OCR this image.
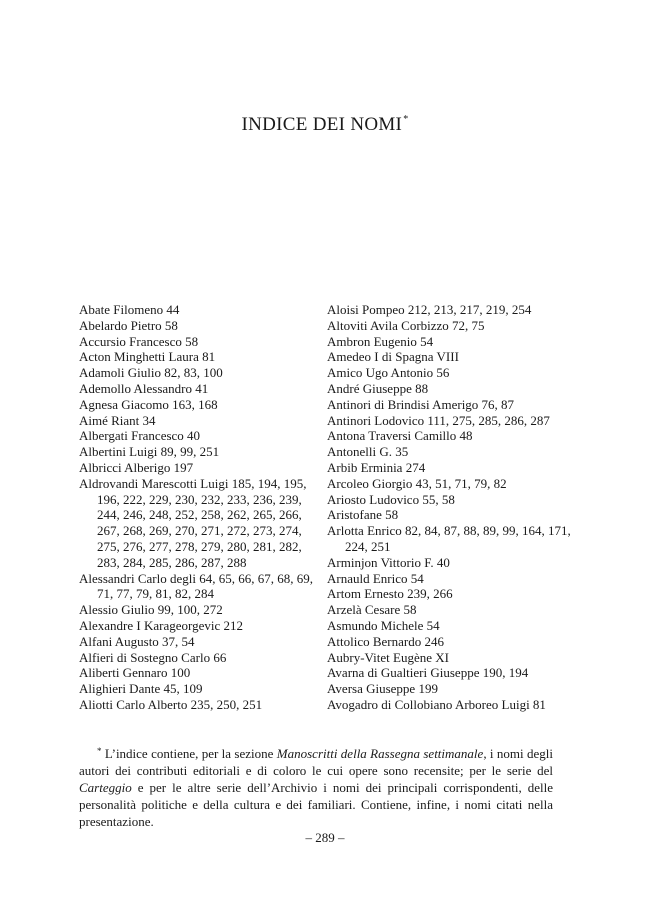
INDICE DEI NOMI*
Abate Filomeno 44
Abelardo Pietro 58
Accursio Francesco 58
Acton Minghetti Laura 81
Adamoli Giulio 82, 83, 100
Ademollo Alessandro 41
Agnesa Giacomo 163, 168
Aimé Riant 34
Albergati Francesco 40
Albertini Luigi 89, 99, 251
Albricci Alberigo 197
Aldrovandi Marescotti Luigi 185, 194, 195, 196, 222, 229, 230, 232, 233, 236, 239, 244, 246, 248, 252, 258, 262, 265, 266, 267, 268, 269, 270, 271, 272, 273, 274, 275, 276, 277, 278, 279, 280, 281, 282, 283, 284, 285, 286, 287, 288
Alessandri Carlo degli 64, 65, 66, 67, 68, 69, 71, 77, 79, 81, 82, 284
Alessio Giulio 99, 100, 272
Alexandre I Karageorgevic 212
Alfani Augusto 37, 54
Alfieri di Sostegno Carlo 66
Aliberti Gennaro 100
Alighieri Dante 45, 109
Aliotti Carlo Alberto 235, 250, 251
Aloisi Pompeo 212, 213, 217, 219, 254
Altoviti Avila Corbizzo 72, 75
Ambron Eugenio 54
Amedeo I di Spagna VIII
Amico Ugo Antonio 56
André Giuseppe 88
Antinori di Brindisi Amerigo 76, 87
Antinori Lodovico 111, 275, 285, 286, 287
Antona Traversi Camillo 48
Antonelli G. 35
Arbib Erminia 274
Arcoleo Giorgio 43, 51, 71, 79, 82
Ariosto Ludovico 55, 58
Aristofane 58
Arlotta Enrico 82, 84, 87, 88, 89, 99, 164, 171, 224, 251
Arminjon Vittorio F. 40
Arnauld Enrico 54
Artom Ernesto 239, 266
Arzelà Cesare 58
Asmundo Michele 54
Attolico Bernardo 246
Aubry-Vitet Eugène XI
Avarna di Gualtieri Giuseppe 190, 194
Aversa Giuseppe 199
Avogadro di Collobiano Arboreo Luigi 81
* L’indice contiene, per la sezione Manoscritti della Rassegna settimanale, i nomi degli autori dei contributi editoriali e di coloro le cui opere sono recensite; per le serie del Carteggio e per le altre serie dell’Archivio i nomi dei principali corrispondenti, delle personalità politiche e della cultura e dei familiari. Contiene, infine, i nomi citati nella presentazione.
– 289 –
